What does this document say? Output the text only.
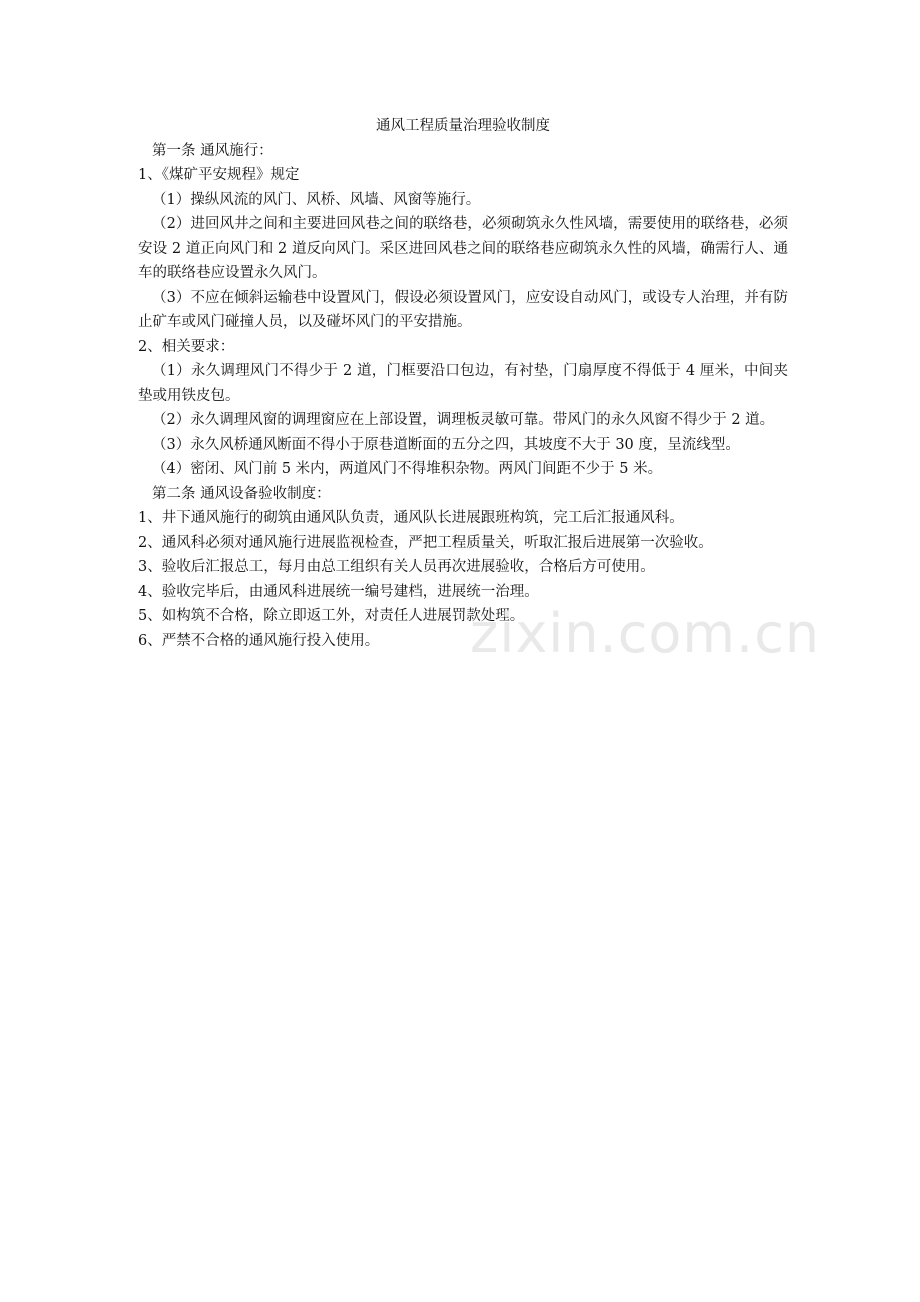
通风工程质量治理验收制度

第一条 通风施行：

1、《煤矿平安规程》规定

（1）操纵风流的风门、风桥、风墙、风窗等施行。

（2）进回风井之间和主要进回风巷之间的联络巷，必须砌筑永久性风墙，需要使用的联络巷，必须安设 2 道正向风门和 2 道反向风门。采区进回风巷之间的联络巷应砌筑永久性的风墙，确需行人、通车的联络巷应设置永久风门。

（3）不应在倾斜运输巷中设置风门，假设必须设置风门，应安设自动风门，或设专人治理，并有防止矿车或风门碰撞人员，以及碰坏风门的平安措施。

2、相关要求：

（1）永久调理风门不得少于 2 道，门框要沿口包边，有衬垫，门扇厚度不得低于 4 厘米，中间夹垫或用铁皮包。

（2）永久调理风窗的调理窗应在上部设置，调理板灵敏可靠。带风门的永久风窗不得少于 2 道。

（3）永久风桥通风断面不得小于原巷道断面的五分之四，其坡度不大于 30 度，呈流线型。

（4）密闭、风门前 5 米内，两道风门不得堆积杂物。两风门间距不少于 5 米。

第二条 通风设备验收制度：

1、井下通风施行的砌筑由通风队负责，通风队长进展跟班构筑，完工后汇报通风科。

2、通风科必须对通风施行进展监视检查，严把工程质量关，听取汇报后进展第一次验收。

3、验收后汇报总工，每月由总工组织有关人员再次进展验收，合格后方可使用。

4、验收完毕后，由通风科进展统一编号建档，进展统一治理。

5、如构筑不合格，除立即返工外，对责任人进展罚款处理。

6、严禁不合格的通风施行投入使用。	zixin.com.cn
